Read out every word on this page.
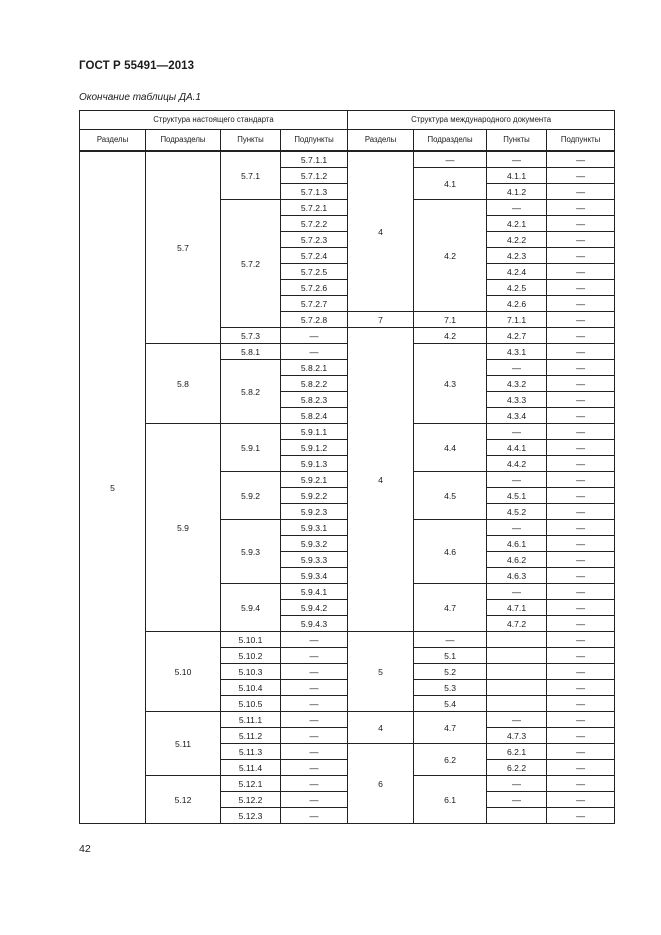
ГОСТ Р 55491—2013
Окончание таблицы ДА.1
Структура настоящего стандарта				Структура международного документа				
Разделы	Подразделы	Пункты	Подпункты	Разделы	Подразделы	Пункты	Подпункты	
5	5.7	5.7.1	5.7.1.1	4	—	—	—	
			5.7.1.2		4.1	4.1.1	—	
			5.7.1.3			4.1.2	—	
		5.7.2	5.7.2.1		4.2	—	—	
			5.7.2.2			4.2.1	—	
			5.7.2.3			4.2.2	—	
			5.7.2.4			4.2.3	—	
			5.7.2.5			4.2.4	—	
			5.7.2.6			4.2.5	—	
			5.7.2.7			4.2.6	—	
			5.7.2.8	7	7.1	7.1.1	—	
		5.7.3	—	4	4.2	4.2.7	—	
	5.8	5.8.1	—		4.3	4.3.1	—	
		5.8.2	5.8.2.1			—	—	
			5.8.2.2			4.3.2	—	
			5.8.2.3			4.3.3	—	
			5.8.2.4			4.3.4	—	
	5.9	5.9.1	5.9.1.1		4.4	—	—	
			5.9.1.2			4.4.1	—	
			5.9.1.3			4.4.2	—	
		5.9.2	5.9.2.1		4.5	—	—	
			5.9.2.2			4.5.1	—	
			5.9.2.3			4.5.2	—	
		5.9.3	5.9.3.1		4.6	—	—	
			5.9.3.2			4.6.1	—	
			5.9.3.3			4.6.2	—	
			5.9.3.4			4.6.3	—	
		5.9.4	5.9.4.1		4.7	—	—	
			5.9.4.2			4.7.1	—	
			5.9.4.3			4.7.2	—	
	5.10	5.10.1	—	5	—		—	
		5.10.2	—		5.1		—	
		5.10.3	—		5.2		—	
		5.10.4	—		5.3		—	
		5.10.5	—		5.4		—	
	5.11	5.11.1	—	4	4.7	—	—	
		5.11.2	—			4.7.3	—	
		5.11.3	—	6	6.2	6.2.1	—	
		5.11.4	—			6.2.2	—	
	5.12	5.12.1	—		6.1	—	—	
		5.12.2	—			—	—	
		5.12.3	—				—	
42
